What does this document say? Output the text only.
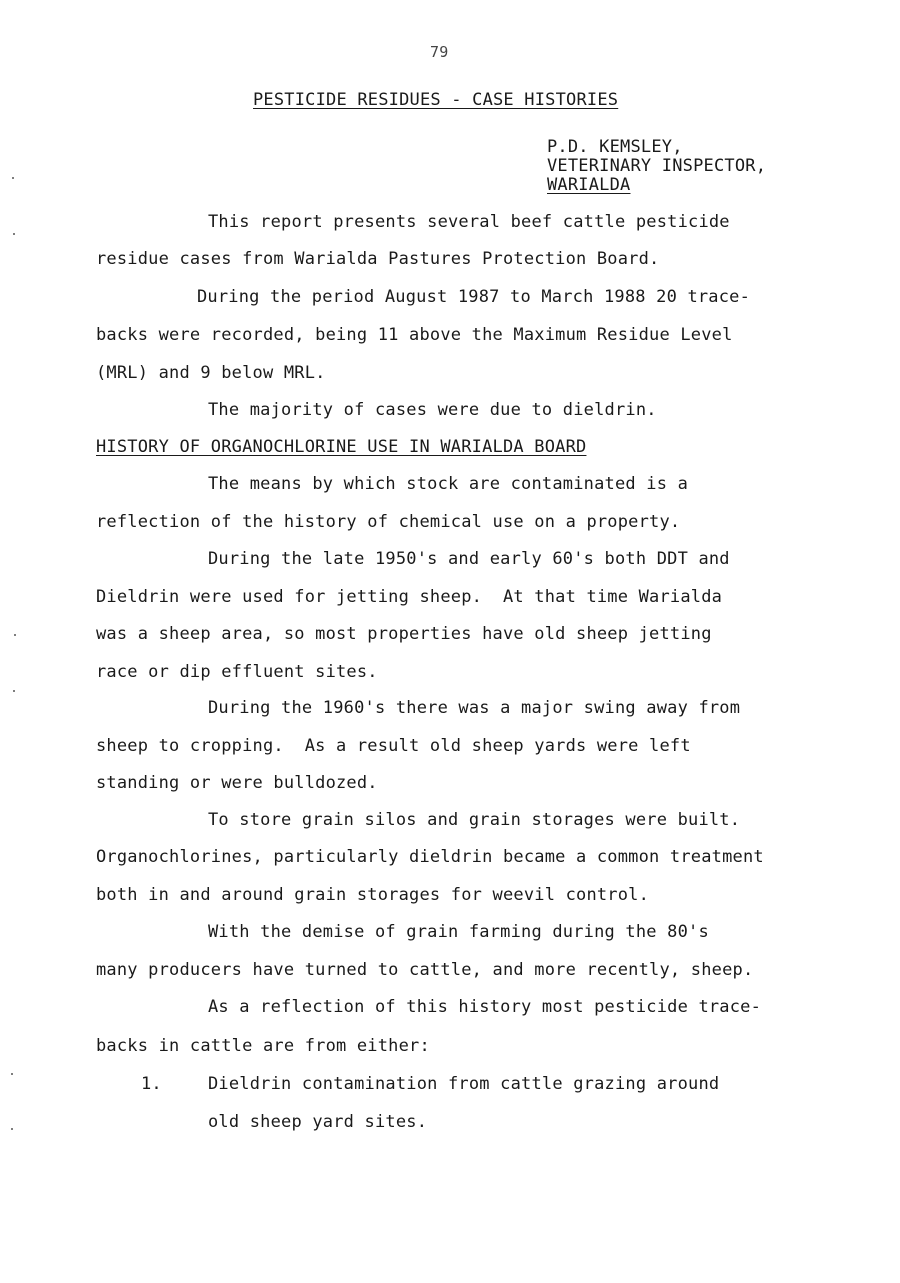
79
PESTICIDE RESIDUES - CASE HISTORIES
P.D. KEMSLEY,
VETERINARY INSPECTOR,
WARIALDA
This report presents several beef cattle pesticide
residue cases from Warialda Pastures Protection Board.
During the period August 1987 to March 1988 20 trace-
backs were recorded, being 11 above the Maximum Residue Level
(MRL) and 9 below MRL.
The majority of cases were due to dieldrin.
HISTORY OF ORGANOCHLORINE USE IN WARIALDA BOARD
The means by which stock are contaminated is a
reflection of the history of chemical use on a property.
During the late 1950's and early 60's both DDT and
Dieldrin were used for jetting sheep.  At that time Warialda
was a sheep area, so most properties have old sheep jetting
race or dip effluent sites.
During the 1960's there was a major swing away from
sheep to cropping.  As a result old sheep yards were left
standing or were bulldozed.
To store grain silos and grain storages were built.
Organochlorines, particularly dieldrin became a common treatment
both in and around grain storages for weevil control.
With the demise of grain farming during the 80's
many producers have turned to cattle, and more recently, sheep.
As a reflection of this history most pesticide trace-
backs in cattle are from either:
1.	Dieldrin contamination from cattle grazing around
old sheep yard sites.
